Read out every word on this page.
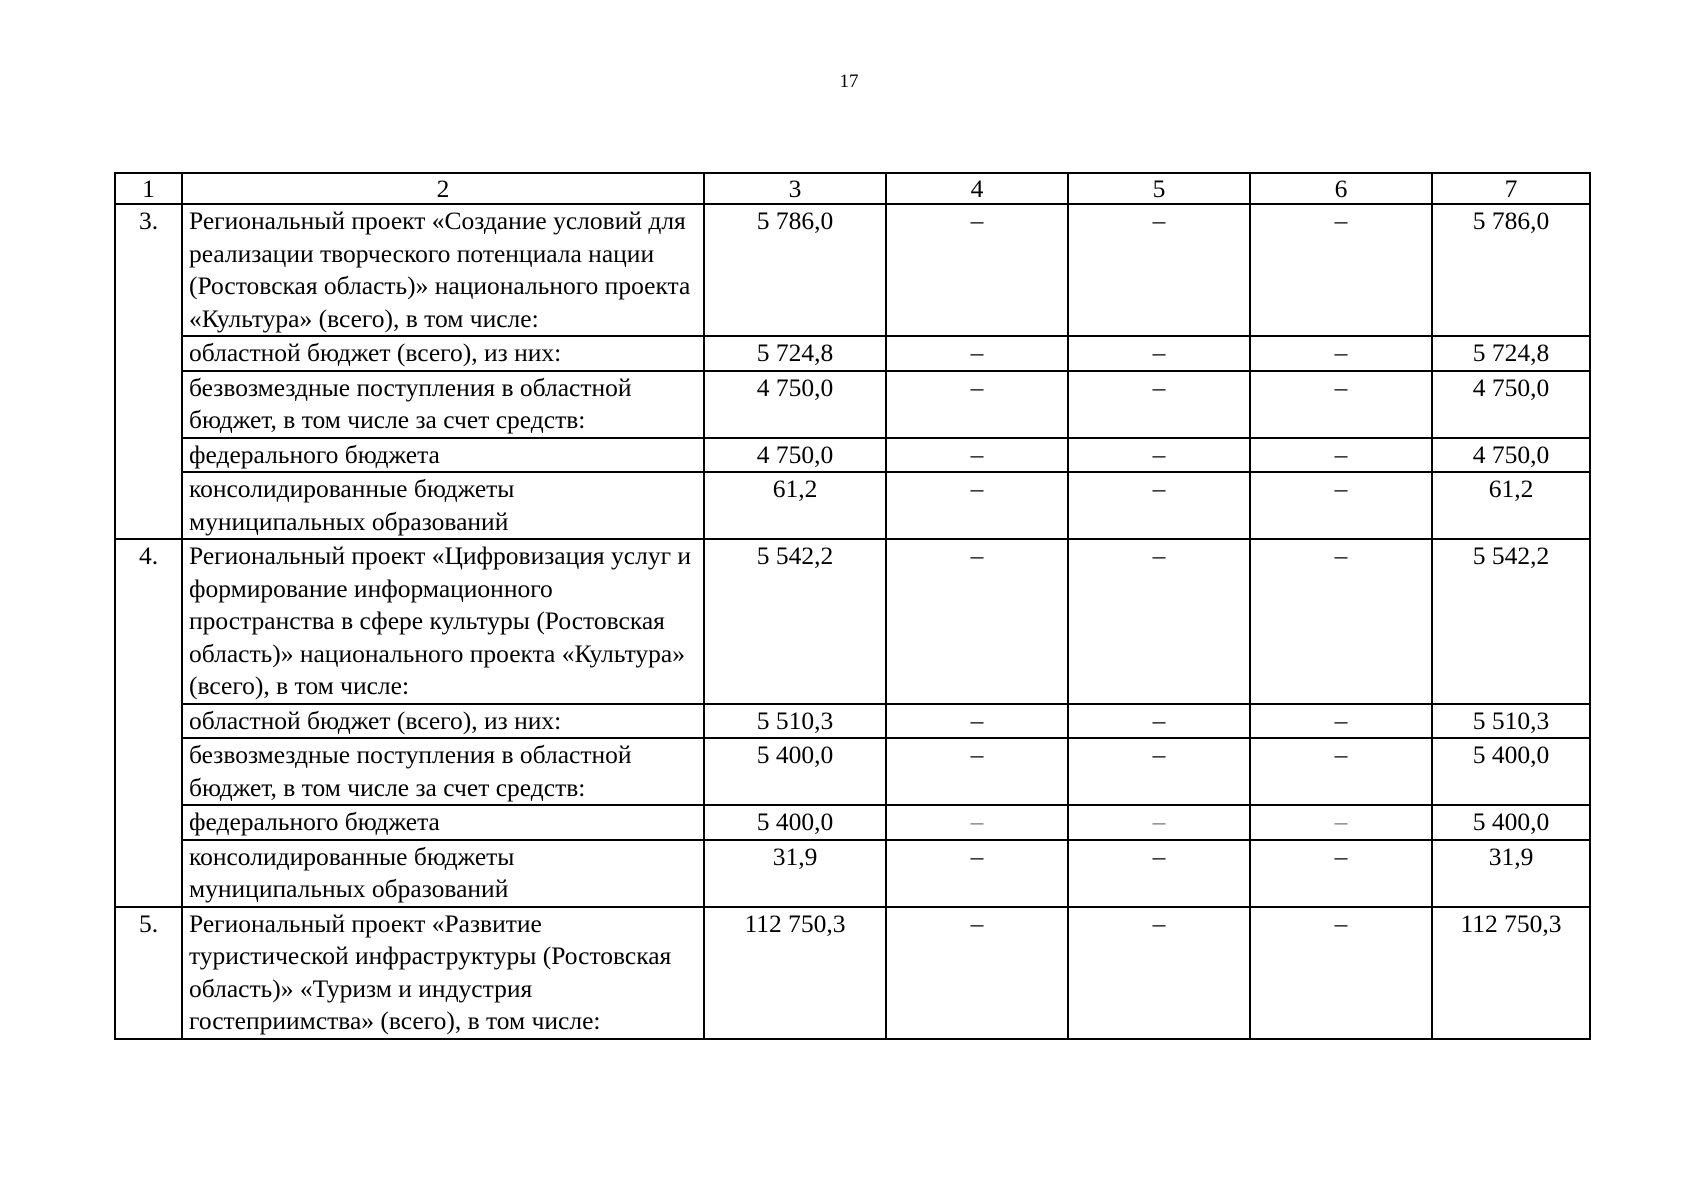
17
1	2	3	4	5	6	7
3.	Региональный проект «Создание условий для реализации творческого потенциала нации (Ростовская область)» национального проекта «Культура» (всего), в том числе:	5 786,0	–	–	–	5 786,0
	областной бюджет (всего), из них:	5 724,8	–	–	–	5 724,8
	безвозмездные поступления в областной бюджет, в том числе за счет средств:	4 750,0	–	–	–	4 750,0
	федерального бюджета	4 750,0	–	–	–	4 750,0
	консолидированные бюджеты муниципальных образований	61,2	–	–	–	61,2
4.	Региональный проект «Цифровизация услуг и формирование информационного пространства в сфере культуры (Ростовская область)» национального проекта «Культура» (всего), в том числе:	5 542,2	–	–	–	5 542,2
	областной бюджет (всего), из них:	5 510,3	–	–	–	5 510,3
	безвозмездные поступления в областной бюджет, в том числе за счет средств:	5 400,0	–	–	–	5 400,0
	федерального бюджета	5 400,0	–	–	–	5 400,0
	консолидированные бюджеты муниципальных образований	31,9	–	–	–	31,9
5.	Региональный проект «Развитие туристической инфраструктуры (Ростовская область)» «Туризм и индустрия гостеприимства» (всего), в том числе:	112 750,3	–	–	–	112 750,3
